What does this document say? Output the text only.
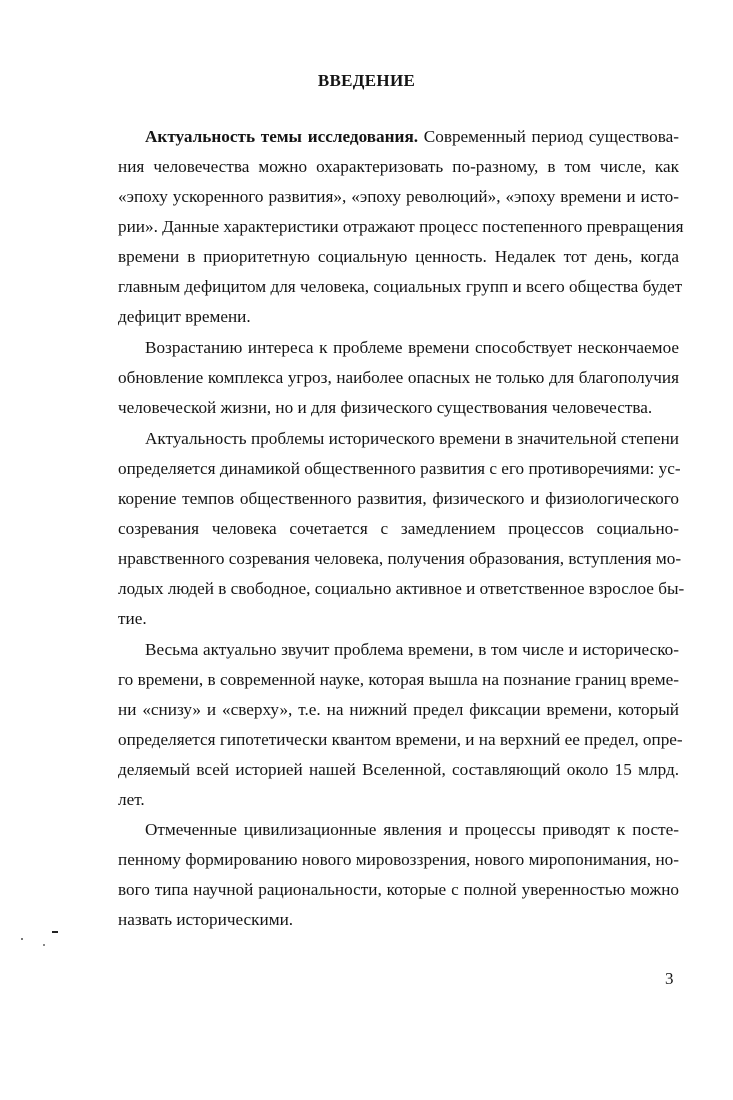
ВВЕДЕНИЕ
Актуальность темы исследования. Современный период существова-
ния человечества можно охарактеризовать по-разному, в том числе, как
«эпоху ускоренного развития», «эпоху революций», «эпоху времени и исто-
рии». Данные характеристики отражают процесс постепенного превращения
времени в приоритетную социальную ценность. Недалек тот день, когда
главным дефицитом для человека, социальных групп и всего общества будет
дефицит времени.
Возрастанию интереса к проблеме времени способствует нескончаемое
обновление комплекса угроз, наиболее опасных не только для благополучия
человеческой жизни, но и для физического существования человечества.
Актуальность проблемы исторического времени в значительной степени
определяется динамикой общественного развития с его противоречиями: ус-
корение темпов общественного развития, физического и физиологического
созревания человека сочетается с замедлением процессов социально-
нравственного созревания человека, получения образования, вступления мо-
лодых людей в свободное, социально активное и ответственное взрослое бы-
тие.
Весьма актуально звучит проблема времени, в том числе и историческо-
го времени, в современной науке, которая вышла на познание границ време-
ни «снизу» и «сверху», т.е. на нижний предел фиксации времени, который
определяется гипотетически квантом времени, и на верхний ее предел, опре-
деляемый всей историей нашей Вселенной, составляющий около 15 млрд.
лет.
Отмеченные цивилизационные явления и процессы приводят к посте-
пенному формированию нового мировоззрения, нового миропонимания, но-
вого типа научной рациональности, которые с полной уверенностью можно
назвать историческими.
3
